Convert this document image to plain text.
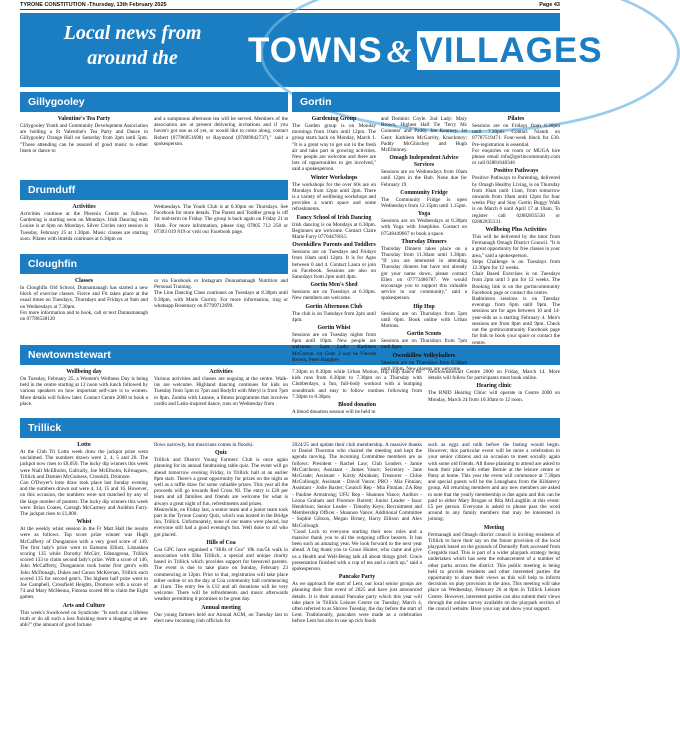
TYRONE CONSTITUTION -Thursday, 13th February 2025	Page 43
Local news from
around the	TOWNS & VILLAGES
Gillygooley	Gortin
Drumduff
Cloughfin
Newtownstewart
Trillick
Valentine's Tea Party

Gillygooley Youth and Community Development Association are holding a St Valentine's Tea Party and Dance in Gillygooley Orange Hall on Saturday from 2pm until 5pm. "Those attending can be assured of good music to either listen or dance to

and a sumptuous afternoon tea will be served. Members of the association are at present delivering invitations and if you haven't got one as of yet, or would like to come along, contact Robert (07786951698) or Raymond (07809842737)," said a spokesperson.

Activities

Activities continue at the Pheonix Centre as follows. Gardening is starting soon on Mondays. Irish Dancing with Louise is at 6pm on Mondays. Silver Circles next session is Tuesday, February 25 at 1.30pm. Music classes are starting soon. Pilates with Imelda continues at 6.30pm on

Wednesdays. The Youth Club is at 6.30pm on Thursdays. See Facebook for more details. The Parent and Toddler group is off for mid-term on Friday. The group is back again on Friday 21 at 10am. For more information, please ring 07805 712 258 or 07393 019 819 or visit our Facebook page.

Classes

In Cloughfin Old School, Dunnamanagh has started a new block of exercise classes. Fierce and Fit takes place at the usual times on Tuesdays, Thursdays and Fridays at 9am and on Wednesdays at 7.30pm.

For more information and to book, call or text Dunnamanagh on 07786538120

or via Facebook or Instagram Dunnamanagh Nutrition and Personal Training.

The Line Dancing Class continues on Tuesdays at 8.30pm until 9.30pm, with Marie Gurrity. For more information, ring or whatsapp Rosemary on 07709712699.

Gardening Group

The Garden group is on Monday mornings from 10am until 12pm. The group starts back on Monday, March 1. "It is a great way to get out in the fresh air and take part in growing activities. New people are welcome and there are lots of opportunities to get involved," said a spokesperson.

Winter Workshops

The workshops for the over 60s are on Mondays from 12pm until 2pm. There is a variety of wellbeing workshops and provides a warm space and some refreshments.

Fancy School of Irish Dancing

Irish dancing is on Mondays at 6.30pm. Beginners are welcome. Contact Claire Marie Farry 07704476615

Owenkillew Parents and Toddlers

Sessions are on Tuesdays and Fridays from 10am until 12pm. It is for Ages between 0 and 4. Contact Laura or join on Facebook. Sessions are also on Saturdays from 2pm until 4pm.

Gortin Men's Shed

Sessions are on Tuesdays at 6.30pm. New members are welcome.

Gortin Afternoon Club

The club is on Tuesdays from 2pm until 4pm.

Gortin Whist

Sessions are on Tuesday nights from 8pm until 10pm. New people are welcome. Last Lady: Kathleen McCarron. 1st Gent: 3 way tie Vincent Brown, Peter Haughey

and Dominic Coyle. 2nd Lady: Mary Brown, Highest Half Tie 'Terry Mc Guinness' and Paddy Joe Kearney, 1st Gent: Kathleen McGarrity, Knockmoy: Paddy McGlinchey and Hugh McElhinney.

Omagh Independent Advice Services

Sessions are on Wednesdays from 10am until 12pm in the Hub. None due for February 19.

Community Fridge

The Community Fridge is open Wednesdays from 12.15pm until 1.15pm.

Yoga

Sessions are on Wednesdays at 6.30pm with Yoga with Josephine. Contact on 07548449667 to book a space.

Thursday Dinners

Thursday Dinners takes place on a Thursday from 11.30am until 1.30pm. "If you are interested in attending Thursday dinners but have not already got your name down, please contact Ellen on 07773486787. We would encourage you to support this valuable service in our community," said a spokesperson.

Hip Hop

Sessions are on Thursdays from 5pm until 6pm. Book online with Urban Motions.

Gortin Scouts

Sessions are on Thursdays from 7pm until 8pm.

Owenkillew Volleyballers

Sessions are on Thursdays from 8.30pm until 10pm. New players are welcome.

Pilates

Sessions are on Fridays from 6.30pm until 7.30pm. Contact Niamh on 07787519471. Four-week block for £30. Pre-registration is essential.

For enquiries on room or MUGA hire please email info@gortincommunity.com or call 02881648346

Positive Pathways

Positive Pathways to Parenting, delivered by Omagh Healthy Living, is on Thursday from 10am until 11am, from tomorrow onwards from 10am until 12pm for four weeks Play and Stay Gortin Buggy Walk is on March 6 until April 17 at 10am. To register call 02882835530 or 02882835131.

Wellbeing Plus Activities

This will be delivered by the tutor from Fermanagh Omagh District Council. "It is a great opportunity for free classes in your area," said a spokesperson.

Steps Challenge is on Tuesdays from 12.30pm for 12 weeks.

Chair Based Exercises is on Tuesdays from 2pm until 3 pm for 12 weeks. The Booking link is on the gortincommunity Facebook page or contact the centre.

Badminton sessions is on Tuesday evenings from 6pm until 9pm. The sessions are for ages between 10 and 14-year-olds as a starting February 4. Men's sessions are from 8pm until 9pm. Check out the gortincommunity Facebook page for link to book your space or contact the centre.

Wellbeing day

On Tuesday, February 25, a Women's Wellness Day is being held in the centre starting at 12 noon with lunch followed by various speakers on how important self-care is to women. More details will follow later. Contact Centre 2000 to book a place.

Activities

Various activities and classes are ongoing at the centre. Walk-ins are welcome. Highland dancing continues for kids on Tuesday from 5pm to 7pm and Bodyfit with Meryl is from 7pm to 8pm. Zumba with Leanne, a fitness programme that involves cardio and Latin-inspired dance, runs on Wednesday from

7.30pm to 8.30pm while Urban Motion, Hip Hop dance for kids runs from 6.30pm to 7.30pm on a Thursday with Clubberdays, a fun, full-body workout with a bumping soundtrack and easy to follow routines following from 7.30pm to 8.30pm.

Blood donation

A blood donation session will be held in

Newtownstewart Centre 2000 on Friday, March 14. More details will follow for participants must book online.

Hearing clinic

The RNID Hearing Clinic will operate in Centre 2000 on Monday, March 24 from 10.30am to 12 noon.

Lotto

At the Club Tri Lotto week draw the jackpot prize went unclaimed. The numbers drawn were 2, 4, 5 and 20. The jackpot now rises to £8,050. The lucky dip winners this week were Niall McElholm, Gallcally, Joe McElholm, Kilroagues, Trillick and Damien McGuiness, Crosskill, Dromore.

Con O'Dwyer's lotto draw took place last Sunday evening and the numbers drawn out were 4, 14, 15 and 16. However, on this occasion, the numbers were not matched by any of the large number of punters. The lucky dip winners this week were: Brian Coates, Carragh McCartney and Aoibhin Farry. The jackpot rises to £1,800.

Whist

At the weekly whist session in the Fr Matt Hall the results were as follows. Top score prize winner was Hugh McCafferty of Dungannon with a very good score of 149. The first lady's prize went to Eamonn Elliott, Lisnaskea scoring 135 while Dorothy McGirr, Edenagrena, Trillick scored 133 to claim second lady's prize. With a score of 146, John McCafferty, Dungannon took home first gent's with John McDonagh, Dukes and Canon McKernan, Trillick each scored 135 for second gent's. The highest half prize went to Joe Campbell, Crossfield Heights, Dromore with a score of 74 and Mary McHenna, Fintona scored 88 to claim the Eight games.

Arts and Culture

This week's Swallowed on Syndicate: "Is each star a lifeless truth or do all such a loss finishing more a shagging an ant-ahh?" (the amount of good fortune

flows narrowly, but musicians comes in floods).

Quiz

Trillick and District Young Farmers' Club is once again planning for its annual fundraising table quiz. The event will go ahead tomorrow evening Friday, in Trillick hall at an earlier 8pm start. There's a great opportunity for prizes on the night as well as a raffle draw for some valuable prizes. This year all the proceeds will go towards Red Cross NI. The entry is £20 per team and all families and friends are welcome for what is always a great night of fun, refreshments and prizes.

Meanwhile, on Friday last, a senior team and a junior team took part in the Tyrone County Quiz, which was hosted in the Bridge Inn, Trillick. Unfortunately, none of our teams were placed, but everyone still had a good evening's fun. Well done to all who got placed.

Hills of Coa

Coa GPC have organised a "Hills of Coa" 10k run/5k walk in association with Elks Trillick, a special and unique charity based in Trillick which provides support for bereaved parents. The event is due to take place on Sunday, February 23 commencing at 12pm. Prior to that, registration will take place either online or on the day at Coa community hall commencing at 11am. The entry fee is £12 and all donations will be very welcome. There will be refreshments and music afterwards weather permitting it promises to be great day.

Annual meeting

Our young farmers held our Annual AGM, on Tuesday last to elect new incoming club officials for

2024/25 and update their club membership. A massive thanks to Daniel Thornton who chaired the meeting and kept the agenda moving. The incoming Committee members are as follows: President - Rachel Law; Club Leaders - Jamie McCutcheon; Assistant - James Vance; Secretary - Jane McGrade; Assistant - Kirsty Abraham; Treasurer - Chloe McCullough; Assistant - David Vance; PRO - Mia Finnian; Assistant - Jodie Baxter; Council Rep - Mia Finnian; ZA Rep - Pauline Armstrong; UFU Rep - Shannon Vance; Auditor - Leona Graham and Florence Barrett; Junior Leader - Issac Hendrison; Senior Leader - Timothy Keys; Recruitment and Membership Officer - Shannon Vance; Additional Committee - Sophie Gibson, Megan Birney, Harry Ellison and Alex McCullough.

"Good Luck to everyone starting their new roles and a massive thank you to all the outgoing office bearers. It has been such an amazing year. We look forward to the next year ahead. A big thank you to Grace Hunter, who came and give us a Health and Well-Being talk all about things grief. Grace presentation finished with a cup of tea and a catch up," said a spokesperson.

Pancake Party

As we approach the start of Lent, our local senior groups are planning their first event of 2025 and have just announced details. It is their annual Pancake party which this year will take place in Trillick Leisure Centre on Tuesday, March 4, often referred to as Shrove Tuesday, the day before the start of Lent. Traditionally, pancakes were made as a celebration before Lent but also to use up rich foods

such as eggs and milk before the fasting would begin. However, this particular event will be more a celebration to your senior citizens and an occasion to meet socially again with some old friends. All those planning to attend are asked to book their place with either Bernie at the leisure centre or Patsy at home. This year the event will commence at 7.30pm and special guests will be the Lenaghans from the Kildarevy group. All returning members and any new members are asked to note that the yearly membership is due again and this can be paid to either Mary Brogan or Rita McLaughlin at this event: £5 per person. Everyone is asked to please pass the word around to any family members that may be interested in joining.

Meeting

Fermanagh and Omagh district council is inviting residents of Trillick to have their say on the future provision of the local playpark based on the grounds of Donnelly Park accessed from Gregalda road. This is part of a wider playpark strategy being undertaken which has seen the enhancement of a number of other parks across the district. This public meeting is being held to provide residents and other interested parties the opportunity to share their views as this will help to inform decisions on play provision in the area. This meeting will take place on Wednesday, February 26 at 8pm in Trillick Leisure Centre. However, interested parties can also submit their views through the online survey available on the playpark section of the council website. Have your say and show your support.
